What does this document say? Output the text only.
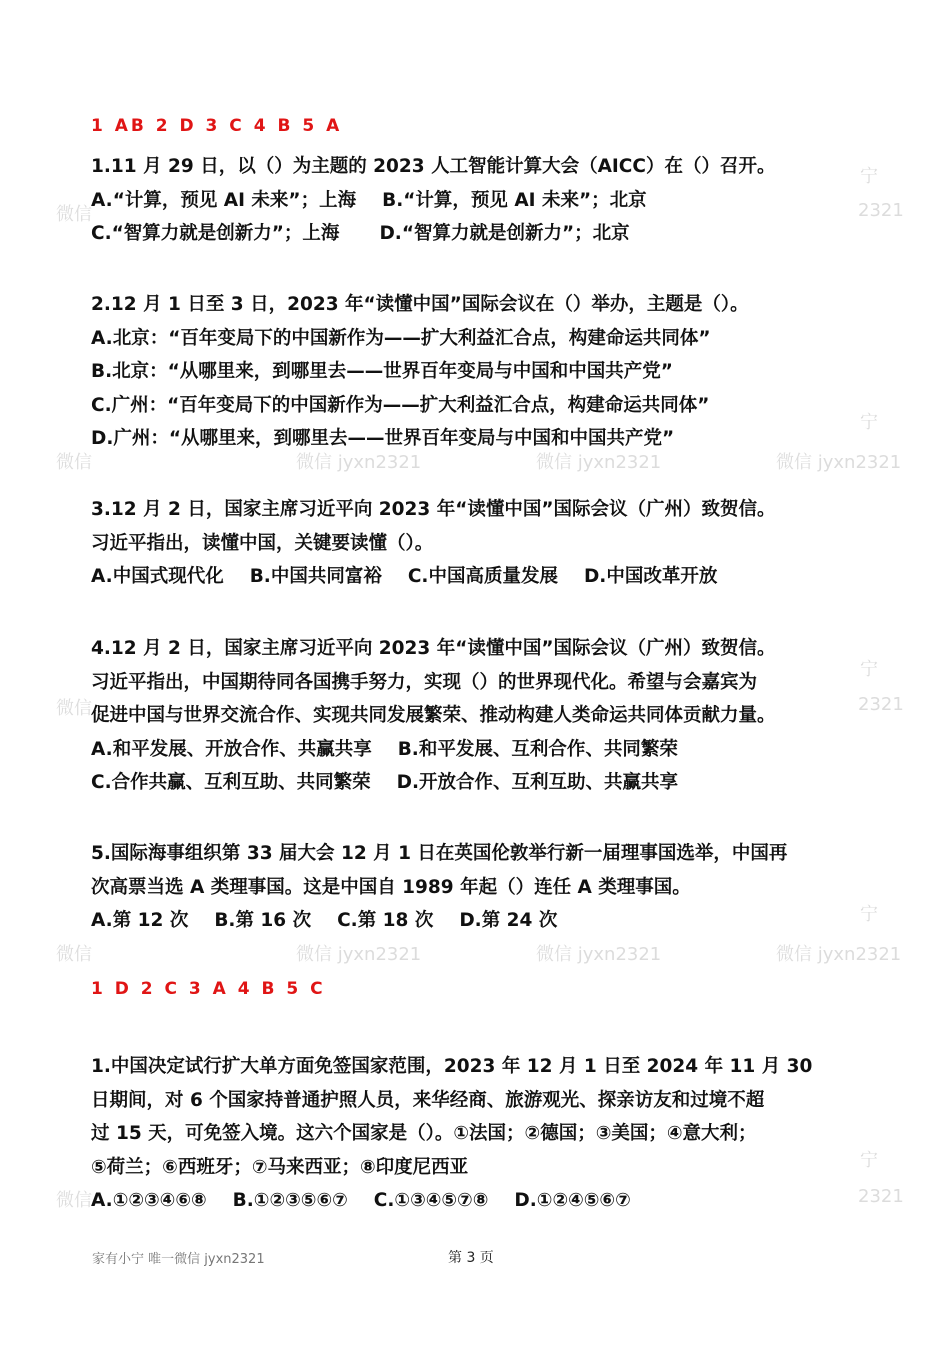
微信	2321
宁
微信	微信 jyxn2321	微信 jyxn2321	微信 jyxn2321
宁
微信	2321
宁
微信	微信 jyxn2321	微信 jyxn2321	微信 jyxn2321
宁
微信	2321
宁
1 AB 2 D 3 C 4 B 5 A
1.11 月 29 日，以（）为主题的 2023 人工智能计算大会（AICC）在（）召开。
A.“计算，预见 AI 未来”；上海 B.“计算，预见 AI 未来”；北京
C.“智算力就是创新力”；上海 D.“智算力就是创新力”；北京
2.12 月 1 日至 3 日，2023 年“读懂中国”国际会议在（）举办，主题是（）。
A.北京：“百年变局下的中国新作为——扩大利益汇合点，构建命运共同体”
B.北京：“从哪里来，到哪里去——世界百年变局与中国和中国共产党”
C.广州：“百年变局下的中国新作为——扩大利益汇合点，构建命运共同体”
D.广州：“从哪里来，到哪里去——世界百年变局与中国和中国共产党”
3.12 月 2 日，国家主席习近平向 2023 年“读懂中国”国际会议（广州）致贺信。
习近平指出，读懂中国，关键要读懂（）。
A.中国式现代化 B.中国共同富裕 C.中国高质量发展 D.中国改革开放
4.12 月 2 日，国家主席习近平向 2023 年“读懂中国”国际会议（广州）致贺信。
习近平指出，中国期待同各国携手努力，实现（）的世界现代化。希望与会嘉宾为
促进中国与世界交流合作、实现共同发展繁荣、推动构建人类命运共同体贡献力量。
A.和平发展、开放合作、共赢共享 B.和平发展、互利合作、共同繁荣
C.合作共赢、互利互助、共同繁荣 D.开放合作、互利互助、共赢共享
5.国际海事组织第 33 届大会 12 月 1 日在英国伦敦举行新一届理事国选举，中国再
次高票当选 A 类理事国。这是中国自 1989 年起（）连任 A 类理事国。
A.第 12 次 B.第 16 次 C.第 18 次 D.第 24 次
1 D 2 C 3 A 4 B 5 C
1.中国决定试行扩大单方面免签国家范围，2023 年 12 月 1 日至 2024 年 11 月 30
日期间，对 6 个国家持普通护照人员，来华经商、旅游观光、探亲访友和过境不超
过 15 天，可免签入境。这六个国家是（）。①法国；②德国；③美国；④意大利；
⑤荷兰；⑥西班牙；⑦马来西亚；⑧印度尼西亚
A.①②③④⑥⑧ B.①②③⑤⑥⑦ C.①③④⑤⑦⑧ D.①②④⑤⑥⑦
家有小宁 唯一微信 jyxn2321	第 3 页
